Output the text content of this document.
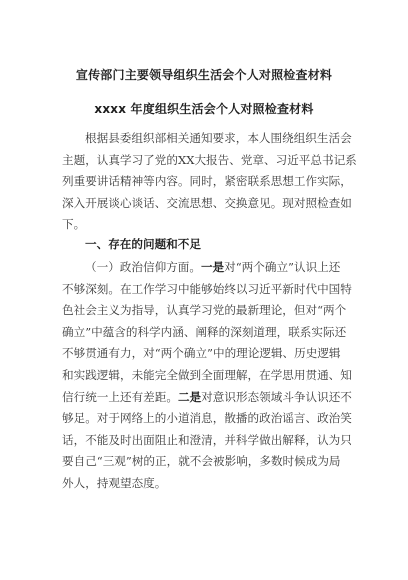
宣传部门主要领导组织生活会个人对照检查材料
xxxx 年度组织生活会个人对照检查材料
根据县委组织部相关通知要求，本人围绕组织生活会
主题，认真学习了党的XX大报告、党章、习近平总书记系
列重要讲话精神等内容。同时，紧密联系思想工作实际，
深入开展谈心谈话、交流思想、交换意见。现对照检查如
下。
一、存在的问题和不足
（一）政治信仰方面。一是对“两个确立”认识上还
不够深刻。在工作学习中能够始终以习近平新时代中国特
色社会主义为指导，认真学习党的最新理论，但对“两个
确立”中蕴含的科学内涵、阐释的深刻道理，联系实际还
不够贯通有力，对“两个确立”中的理论逻辑、历史逻辑
和实践逻辑，未能完全做到全面理解，在学思用贯通、知
信行统一上还有差距。二是对意识形态领域斗争认识还不
够足。对于网络上的小道消息，散播的政治谣言、政治笑
话，不能及时出面阻止和澄清，并科学做出解释，认为只
要自己“三观”树的正，就不会被影响，多数时候成为局
外人，持观望态度。
